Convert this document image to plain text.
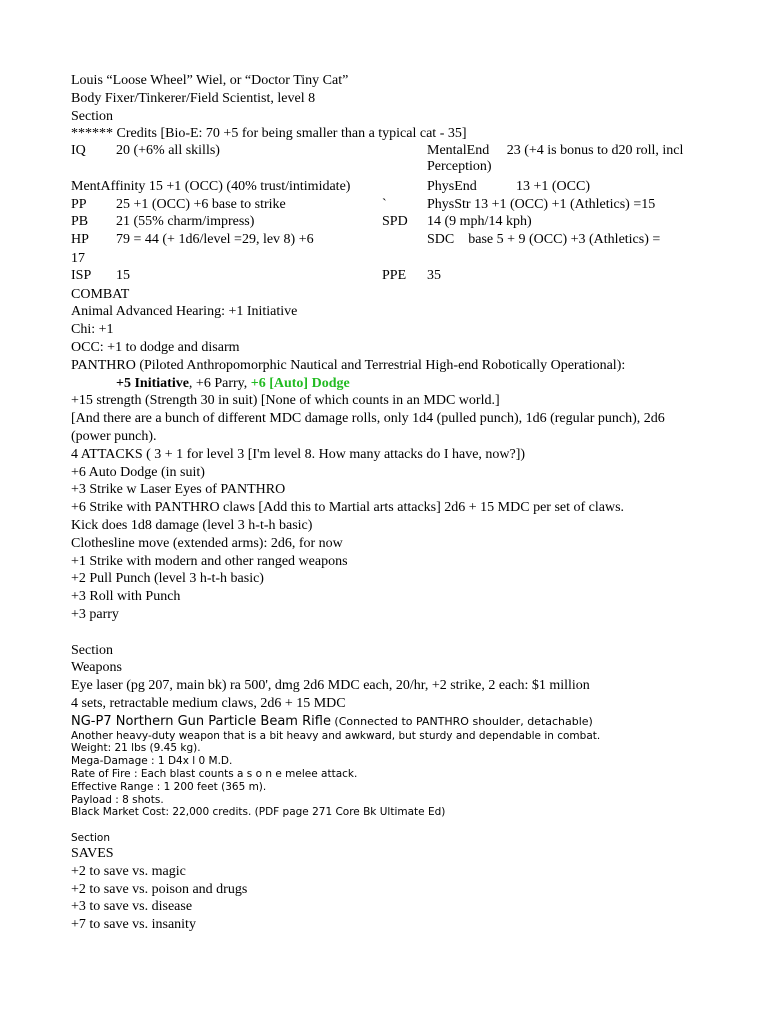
Louis “Loose Wheel” Wiel, or “Doctor Tiny Cat”
Body Fixer/Tinkerer/Field Scientist, level 8
Section
****** Credits [Bio-E: 70 +5 for being smaller than a typical cat - 35]
IQ 20 (+6% all skills)	MentalEnd 23 (+4 is bonus to d20 roll, incl Perception)
MentAffinity 15 +1 (OCC) (40% trust/intimidate)	PhysEnd	13 +1 (OCC)
PP 25 +1 (OCC) +6 base to strike	`	PhysStr 13 +1 (OCC) +1 (Athletics) =15
PB 21 (55% charm/impress)	SPD 14 (9 mph/14 kph)
HP 79 = 44 (+ 1d6/level =29, lev 8) +6	SDC base 5 + 9 (OCC) +3 (Athletics) =
17
ISP 15	PPE 35
COMBAT
Animal Advanced Hearing: +1 Initiative
Chi: +1
OCC: +1 to dodge and disarm
PANTHRO (Piloted Anthropomorphic Nautical and Terrestrial High-end Robotically Operational):
+5 Initiative, +6 Parry, +6 [Auto] Dodge
+15 strength (Strength 30 in suit) [None of which counts in an MDC world.]
[And there are a bunch of different MDC damage rolls, only 1d4 (pulled punch), 1d6 (regular punch), 2d6 (power punch).
4 ATTACKS ( 3 + 1 for level 3 [I'm level 8. How many attacks do I have, now?])
+6 Auto Dodge (in suit)
+3 Strike w Laser Eyes of PANTHRO
+6 Strike with PANTHRO claws [Add this to Martial arts attacks] 2d6 + 15 MDC per set of claws.
Kick does 1d8 damage (level 3 h-t-h basic)
Clothesline move (extended arms): 2d6, for now
+1 Strike with modern and other ranged weapons
+2 Pull Punch (level 3 h-t-h basic)
+3 Roll with Punch
+3 parry
Section
Weapons
Eye laser (pg 207, main bk) ra 500', dmg 2d6 MDC each, 20/hr, +2 strike, 2 each: $1 million
4 sets, retractable medium claws, 2d6 + 15 MDC
NG-P7 Northern Gun Particle Beam Rifle (Connected to PANTHRO shoulder, detachable)
Another heavy-duty weapon that is a bit heavy and awkward, but sturdy and dependable in combat.
Weight: 21 lbs (9.45 kg).
Mega-Damage : 1 D4x l 0 M.D.
Rate of Fire : Each blast counts a s o n e melee attack.
Effective Range : 1 200 feet (365 m).
Payload : 8 shots.
Black Market Cost: 22,000 credits. (PDF page 271 Core Bk Ultimate Ed)
Section
SAVES
+2 to save vs. magic
+2 to save vs. poison and drugs
+3 to save vs. disease
+7 to save vs. insanity
